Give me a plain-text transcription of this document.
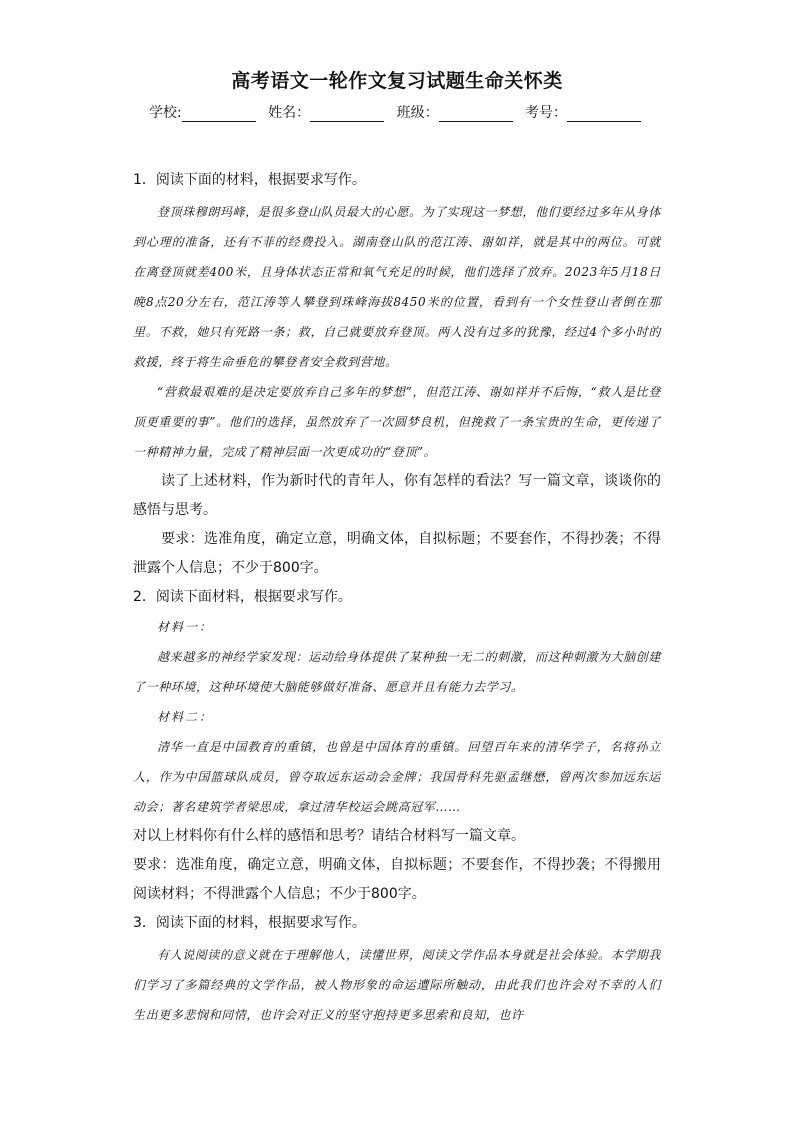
高考语文一轮作文复习试题生命关怀类
学校:	姓名：	班级：	考号：

1．阅读下面的材料，根据要求写作。

登顶珠穆朗玛峰，是很多登山队员最大的心愿。为了实现这一梦想，他们要经过多年从身体到心理的准备，还有不菲的经费投入。湖南登山队的范江涛、谢如祥，就是其中的两位。可就在离登顶就差400米，且身体状态正常和氧气充足的时候，他们选择了放弃。2023年5月18日晚8点20分左右，范江涛等人攀登到珠峰海拔8450米的位置，看到有一个女性登山者倒在那里。不救，她只有死路一条；救，自己就要放弃登顶。两人没有过多的犹豫，经过4个多小时的救援，终于将生命垂危的攀登者安全救到营地。

“营救最艰难的是决定要放弃自己多年的梦想”，但范江涛、谢如祥并不后悔，“救人是比登顶更重要的事”。他们的选择，虽然放弃了一次圆梦良机，但挽救了一条宝贵的生命，更传递了一种精神力量，完成了精神层面一次更成功的“登顶”。

读了上述材料，作为新时代的青年人，你有怎样的看法？写一篇文章，谈谈你的感悟与思考。

要求：选准角度，确定立意，明确文体，自拟标题；不要套作，不得抄袭；不得泄露个人信息；不少于800字。

2．阅读下面材料，根据要求写作。

材料一：

越来越多的神经学家发现：运动给身体提供了某种独一无二的刺激，而这种刺激为大脑创建了一种环境，这种环境使大脑能够做好准备、愿意并且有能力去学习。

材料二：

清华一直是中国教育的重镇，也曾是中国体育的重镇。回望百年来的清华学子，名将孙立人，作为中国篮球队成员，曾夺取远东运动会金牌；我国骨科先驱孟继懋，曾两次参加远东运动会；著名建筑学者梁思成，拿过清华校运会跳高冠军……

对以上材料你有什么样的感悟和思考？请结合材料写一篇文章。

要求：选准角度，确定立意，明确文体，自拟标题；不要套作，不得抄袭；不得搬用阅读材料；不得泄露个人信息；不少于800字。

3．阅读下面的材料，根据要求写作。

有人说阅读的意义就在于理解他人，读懂世界，阅读文学作品本身就是社会体验。本学期我们学习了多篇经典的文学作品，被人物形象的命运遭际所触动，由此我们也许会对不幸的人们生出更多悲悯和同情，也许会对正义的坚守抱持更多思索和良知，也许
